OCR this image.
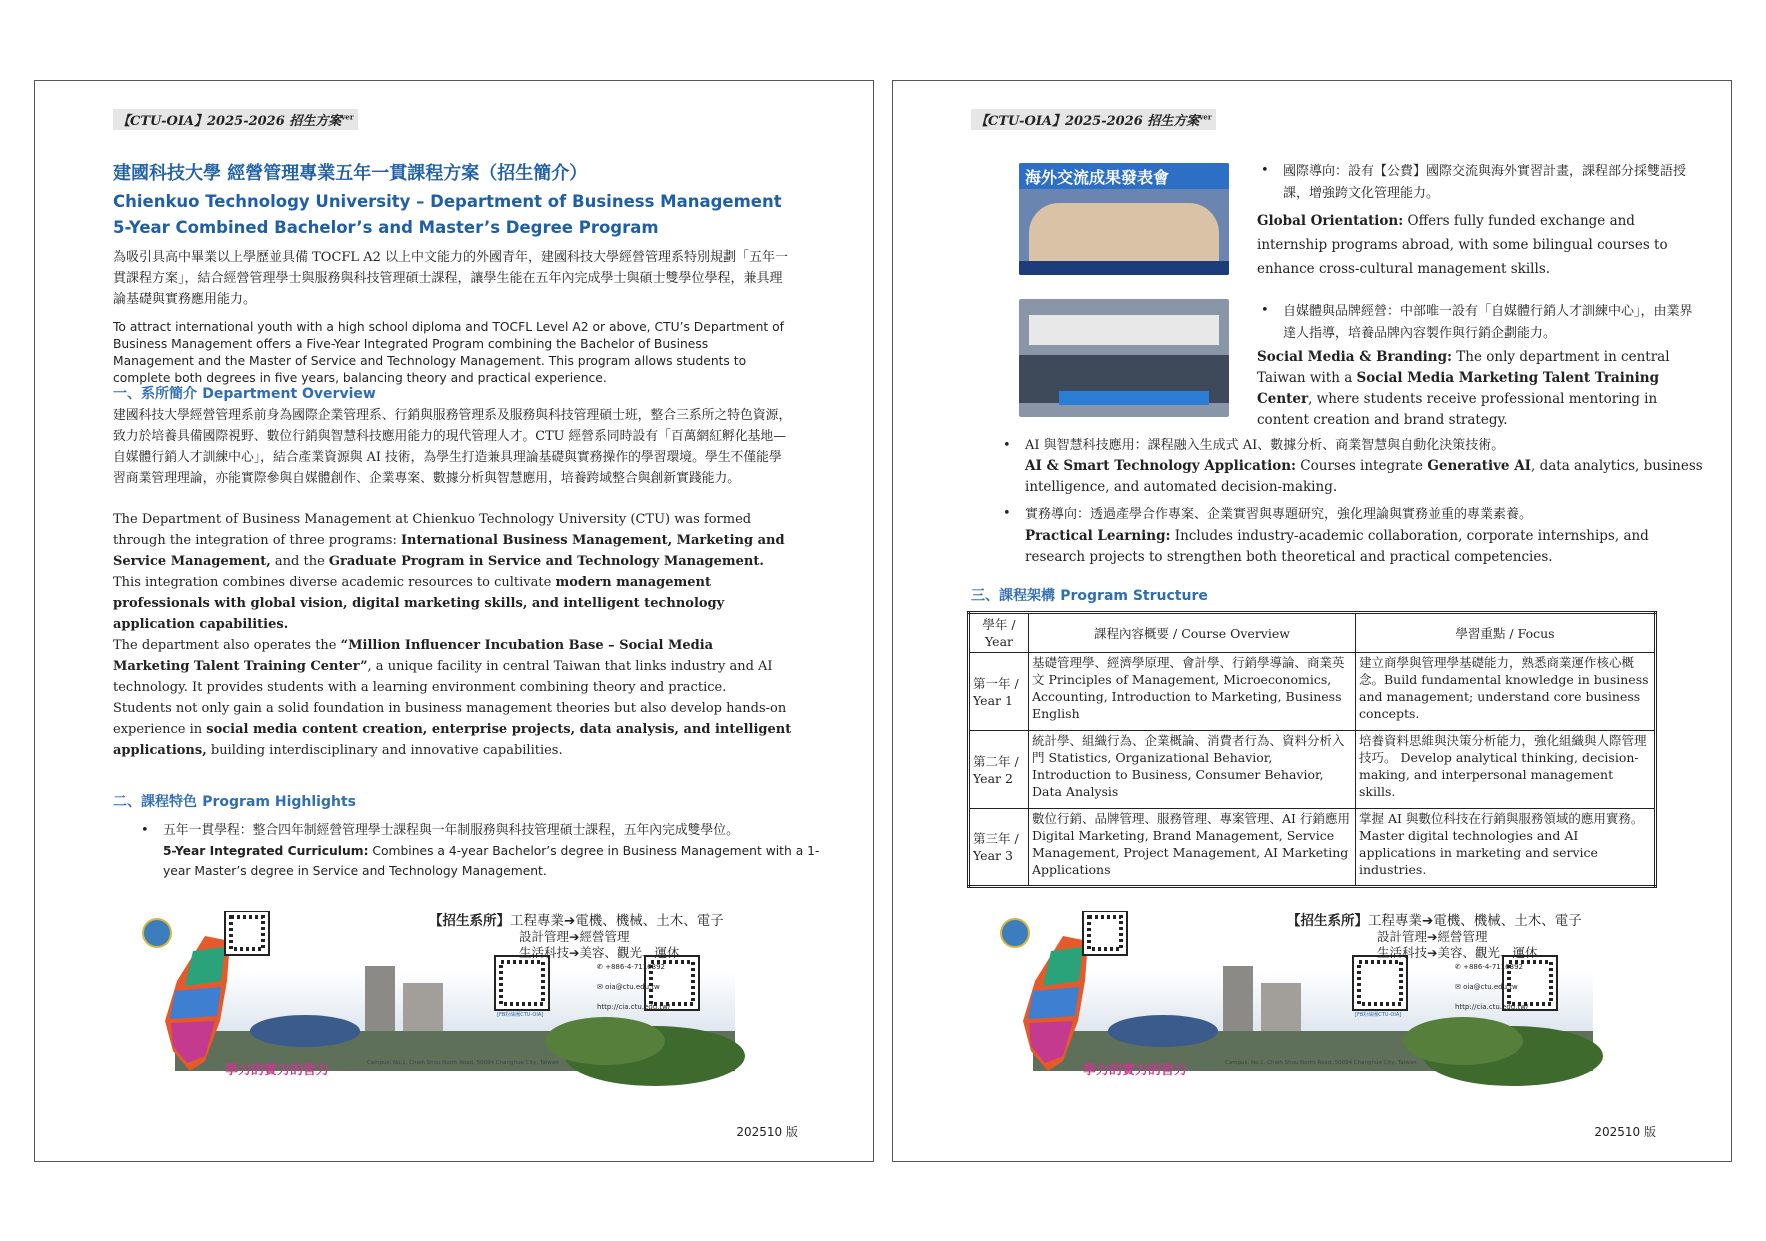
【CTU-OIA】2025-2026 招生方案$^{ver}$
建國科技大學 經營管理專業五年一貫課程方案（招生簡介）
Chienkuo Technology University – Department of Business Management 5-Year Combined Bachelor’s and Master’s Degree Program
為吸引具高中畢業以上學歷並具備 TOCFL A2 以上中文能力的外國青年，建國科技大學經營管理系特別規劃「五年一貫課程方案」，結合經營管理學士與服務與科技管理碩士課程，讓學生能在五年內完成學士與碩士雙學位學程，兼具理論基礎與實務應用能力。
To attract international youth with a high school diploma and TOCFL Level A2 or above, CTU’s Department of Business Management offers a Five-Year Integrated Program combining the Bachelor of Business Management and the Master of Service and Technology Management. This program allows students to complete both degrees in five years, balancing theory and practical experience.
一、系所簡介 Department Overview
建國科技大學經營管理系前身為國際企業管理系、行銷與服務管理系及服務與科技管理碩士班，整合三系所之特色資源，致力於培養具備國際視野、數位行銷與智慧科技應用能力的現代管理人才。CTU 經營系同時設有「百萬網紅孵化基地—自媒體行銷人才訓練中心」，結合產業資源與 AI 技術，為學生打造兼具理論基礎與實務操作的學習環境。學生不僅能學習商業管理理論，亦能實際參與自媒體創作、企業專案、數據分析與智慧應用，培養跨域整合與創新實踐能力。
The Department of Business Management at Chienkuo Technology University (CTU) was formed through the integration of three programs: International Business Management, Marketing and Service Management, and the Graduate Program in Service and Technology Management.
This integration combines diverse academic resources to cultivate modern management professionals with global vision, digital marketing skills, and intelligent technology application capabilities.
The department also operates the “Million Influencer Incubation Base – Social Media Marketing Talent Training Center”, a unique facility in central Taiwan that links industry and AI technology. It provides students with a learning environment combining theory and practice.
Students not only gain a solid foundation in business management theories but also develop hands-on experience in social media content creation, enterprise projects, data analysis, and intelligent applications, building interdisciplinary and innovative capabilities.
二、課程特色 Program Highlights
• 五年一貫學程：整合四年制經營管理學士課程與一年制服務與科技管理碩士課程，五年內完成雙學位。
5-Year Integrated Curriculum: Combines a 4-year Bachelor’s degree in Business Management with a 1-year Master’s degree in Service and Technology Management.
【招生系所】工程專業➔電機、機械、土木、電子
設計管理➔經營管理
生活科技➔美容、觀光、運休
✆ +886-4-7116392
✉ oia@ctu.edu.tw
http://cia.ctu.edu.tw/
[FB粉絲團CTU-OIA]
Campus: No.1, Chieh Shou North Road, 50094 Changhua City, Taiwan
學力的實力的習力
202510 版
【CTU-OIA】2025-2026 招生方案$^{ver}$
海外交流成果發表會	• 國際導向：設有【公費】國際交流與海外實習計畫，課程部分採雙語授課，增強跨文化管理能力。
Global Orientation: Offers fully funded exchange and internship programs abroad, with some bilingual courses to enhance cross-cultural management skills.
• 自媒體與品牌經營：中部唯一設有「自媒體行銷人才訓練中心」，由業界達人指導，培養品牌內容製作與行銷企劃能力。
Social Media & Branding: The only department in central Taiwan with a Social Media Marketing Talent Training Center, where students receive professional mentoring in content creation and brand strategy.
• AI 與智慧科技應用：課程融入生成式 AI、數據分析、商業智慧與自動化決策技術。
AI & Smart Technology Application: Courses integrate Generative AI, data analytics, business intelligence, and automated decision-making.
• 實務導向：透過產學合作專案、企業實習與專題研究，強化理論與實務並重的專業素養。
Practical Learning: Includes industry-academic collaboration, corporate internships, and research projects to strengthen both theoretical and practical competencies.
三、課程架構 Program Structure
學年 / Year	課程內容概要 / Course Overview	學習重點 / Focus
第一年 / Year 1	基礎管理學、經濟學原理、會計學、行銷學導論、商業英文 Principles of Management, Microeconomics, Accounting, Introduction to Marketing, Business English	建立商學與管理學基礎能力，熟悉商業運作核心概念。Build fundamental knowledge in business and management; understand core business concepts.
第二年 / Year 2	統計學、組織行為、企業概論、消費者行為、資料分析入門 Statistics, Organizational Behavior, Introduction to Business, Consumer Behavior, Data Analysis	培養資料思維與決策分析能力，強化組織與人際管理技巧。 Develop analytical thinking, decision-making, and interpersonal management skills.
第三年 / Year 3	數位行銷、品牌管理、服務管理、專案管理、AI 行銷應用 Digital Marketing, Brand Management, Service Management, Project Management, AI Marketing Applications	掌握 AI 與數位科技在行銷與服務領域的應用實務。 Master digital technologies and AI applications in marketing and service industries.
【招生系所】工程專業➔電機、機械、土木、電子
設計管理➔經營管理
生活科技➔美容、觀光、運休
✆ +886-4-7116392
✉ oia@ctu.edu.tw
http://cia.ctu.edu.tw/
[FB粉絲團CTU-OIA]
Campus: No.1, Chieh Shou North Road, 50094 Changhua City, Taiwan
學力的實力的習力
202510 版
